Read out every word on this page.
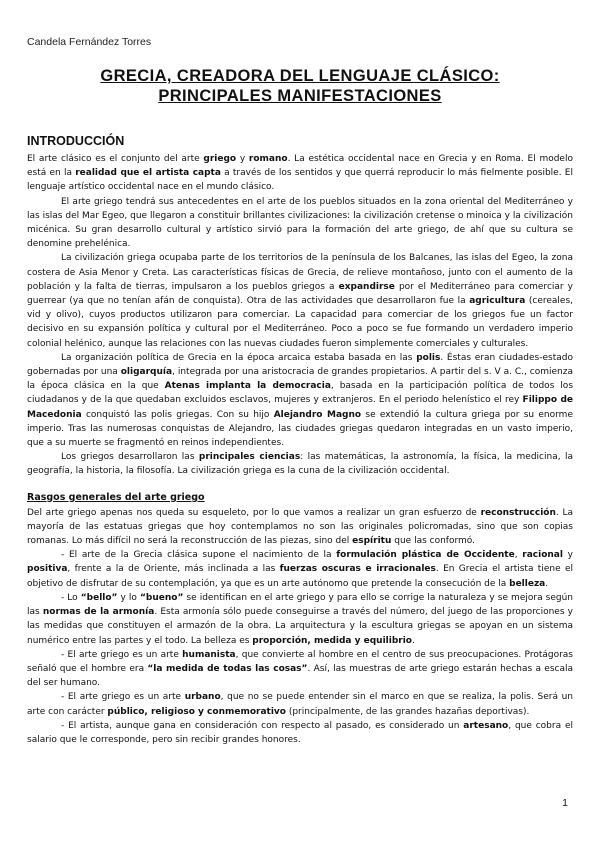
Candela Fernández Torres
GRECIA, CREADORA DEL LENGUAJE CLÁSICO:
PRINCIPALES MANIFESTACIONES
INTRODUCCIÓN

El arte clásico es el conjunto del arte griego y romano. La estética occidental nace en Grecia y en Roma. El modelo está en la realidad que el artista capta a través de los sentidos y que querrá reproducir lo más fielmente posible. El lenguaje artístico occidental nace en el mundo clásico.

El arte griego tendrá sus antecedentes en el arte de los pueblos situados en la zona oriental del Mediterráneo y las islas del Mar Egeo, que llegaron a constituir brillantes civilizaciones: la civilización cretense o minoica y la civilización micénica. Su gran desarrollo cultural y artístico sirvió para la formación del arte griego, de ahí que su cultura se denomine prehelénica.

La civilización griega ocupaba parte de los territorios de la península de los Balcanes, las islas del Egeo, la zona costera de Asia Menor y Creta. Las características físicas de Grecia, de relieve montañoso, junto con el aumento de la población y la falta de tierras, impulsaron a los pueblos griegos a expandirse por el Mediterráneo para comerciar y guerrear (ya que no tenían afán de conquista). Otra de las actividades que desarrollaron fue la agricultura (cereales, vid y olivo), cuyos productos utilizaron para comerciar. La capacidad para comerciar de los griegos fue un factor decisivo en su expansión política y cultural por el Mediterráneo. Poco a poco se fue formando un verdadero imperio colonial helénico, aunque las relaciones con las nuevas ciudades fueron simplemente comerciales y culturales.

La organización política de Grecia en la época arcaica estaba basada en las polis. Éstas eran ciudades-estado gobernadas por una oligarquía, integrada por una aristocracia de grandes propietarios. A partir del s. V a. C., comienza la época clásica en la que Atenas implanta la democracia, basada en la participación política de todos los ciudadanos y de la que quedaban excluidos esclavos, mujeres y extranjeros. En el periodo helenístico el rey Filippo de Macedonia conquistó las polis griegas. Con su hijo Alejandro Magno se extendió la cultura griega por su enorme imperio. Tras las numerosas conquistas de Alejandro, las ciudades griegas quedaron integradas en un vasto imperio, que a su muerte se fragmentó en reinos independientes.

Los griegos desarrollaron las principales ciencias: las matemáticas, la astronomía, la física, la medicina, la geografía, la historia, la filosofía. La civilización griega es la cuna de la civilización occidental.

Rasgos generales del arte griego

Del arte griego apenas nos queda su esqueleto, por lo que vamos a realizar un gran esfuerzo de reconstrucción. La mayoría de las estatuas griegas que hoy contemplamos no son las originales policromadas, sino que son copias romanas. Lo más difícil no será la reconstrucción de las piezas, sino del espíritu que las conformó.

- El arte de la Grecia clásica supone el nacimiento de la formulación plástica de Occidente, racional y positiva, frente a la de Oriente, más inclinada a las fuerzas oscuras e irracionales. En Grecia el artista tiene el objetivo de disfrutar de su contemplación, ya que es un arte autónomo que pretende la consecución de la belleza.

- Lo “bello” y lo “bueno” se identifican en el arte griego y para ello se corrige la naturaleza y se mejora según las normas de la armonía. Esta armonía sólo puede conseguirse a través del número, del juego de las proporciones y las medidas que constituyen el armazón de la obra. La arquitectura y la escultura griegas se apoyan en un sistema numérico entre las partes y el todo. La belleza es proporción, medida y equilibrio.

- El arte griego es un arte humanista, que convierte al hombre en el centro de sus preocupaciones. Protágoras señaló que el hombre era “la medida de todas las cosas”. Así, las muestras de arte griego estarán hechas a escala del ser humano.

- El arte griego es un arte urbano, que no se puede entender sin el marco en que se realiza, la polis. Será un arte con carácter público, religioso y conmemorativo (principalmente, de las grandes hazañas deportivas).

- El artista, aunque gana en consideración con respecto al pasado, es considerado un artesano, que cobra el salario que le corresponde, pero sin recibir grandes honores.

1
